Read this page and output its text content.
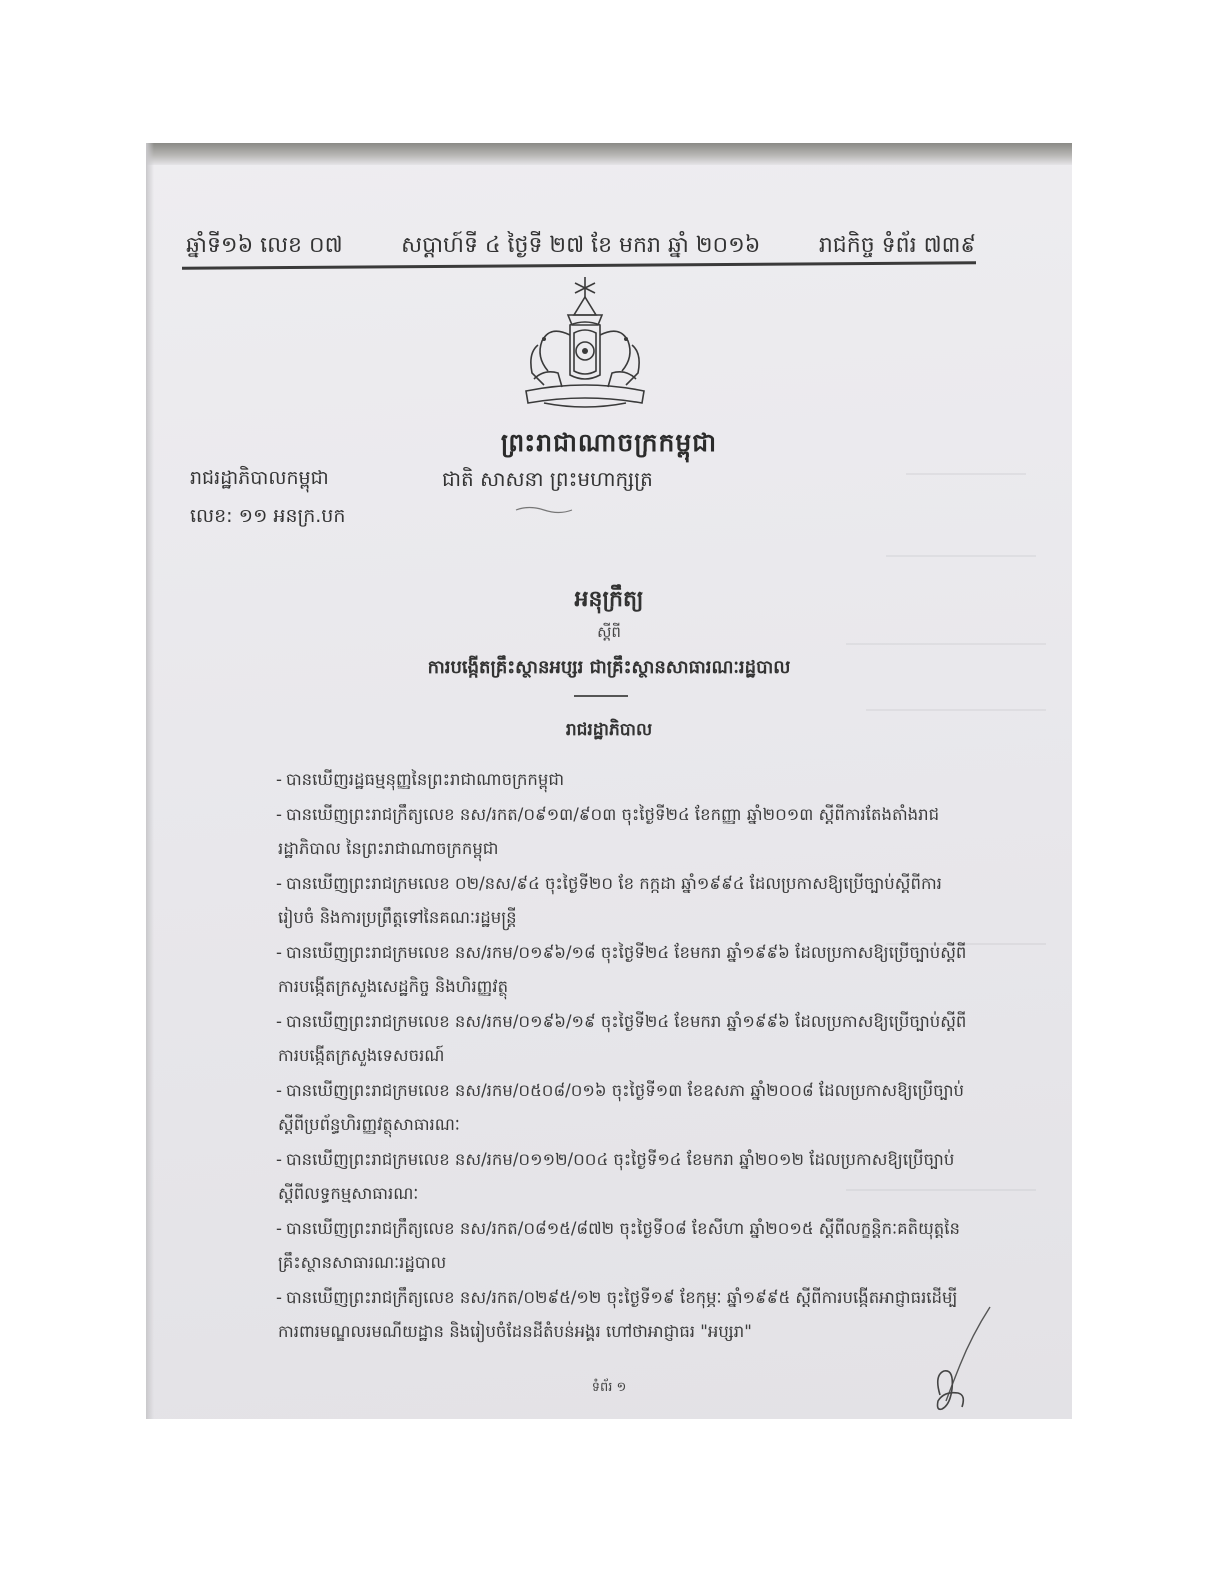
ឆ្នាំទី១៦ លេខ ០៧	សប្តាហ៍ទី ៤ ថ្ងៃទី ២៧ ខែ មករា ឆ្នាំ ២០១៦	រាជកិច្ច ទំព័រ ៧៣៩
ព្រះរាជាណាចក្រកម្ពុជា
រាជរដ្ឋាភិបាលកម្ពុជា
លេខ: ១១ អនក្រ.បក
ជាតិ សាសនា ព្រះមហាក្សត្រ
អនុក្រឹត្យ
ស្តីពី
ការបង្កើតគ្រឹះស្ថានអប្សរ ជាគ្រឹះស្ថានសាធារណៈរដ្ឋបាល
រាជរដ្ឋាភិបាល
- បានឃើញរដ្ឋធម្មនុញ្ញនៃព្រះរាជាណាចក្រកម្ពុជា
- បានឃើញព្រះរាជក្រឹត្យលេខ នស/រកត/០៩១៣/៩០៣ ចុះថ្ងៃទី២៤ ខែកញ្ញា ឆ្នាំ២០១៣ ស្តីពីការតែងតាំងរាជរដ្ឋាភិបាល នៃព្រះរាជាណាចក្រកម្ពុជា
- បានឃើញព្រះរាជក្រមលេខ ០២/នស/៩៤ ចុះថ្ងៃទី២០ ខែ កក្កដា ឆ្នាំ១៩៩៤ ដែលប្រកាសឱ្យប្រើច្បាប់ស្តីពីការរៀបចំ និងការប្រព្រឹត្តទៅនៃគណៈរដ្ឋមន្ត្រី
- បានឃើញព្រះរាជក្រមលេខ នស/រកម/០១៩៦/១៨ ចុះថ្ងៃទី២៤ ខែមករា ឆ្នាំ១៩៩៦ ដែលប្រកាសឱ្យប្រើច្បាប់ស្តីពីការបង្កើតក្រសួងសេដ្ឋកិច្ច និងហិរញ្ញវត្ថុ
- បានឃើញព្រះរាជក្រមលេខ នស/រកម/០១៩៦/១៩ ចុះថ្ងៃទី២៤ ខែមករា ឆ្នាំ១៩៩៦ ដែលប្រកាសឱ្យប្រើច្បាប់ស្តីពីការបង្កើតក្រសួងទេសចរណ៍
- បានឃើញព្រះរាជក្រមលេខ នស/រកម/០៥០៨/០១៦ ចុះថ្ងៃទី១៣ ខែឧសភា ឆ្នាំ២០០៨ ដែលប្រកាសឱ្យប្រើច្បាប់ស្តីពីប្រព័ន្ធហិរញ្ញវត្ថុសាធារណៈ
- បានឃើញព្រះរាជក្រមលេខ នស/រកម/០១១២/០០៤ ចុះថ្ងៃទី១៤ ខែមករា ឆ្នាំ២០១២ ដែលប្រកាសឱ្យប្រើច្បាប់ស្តីពីលទ្ធកម្មសាធារណៈ
- បានឃើញព្រះរាជក្រឹត្យលេខ នស/រកត/០៨១៥/៨៧២ ចុះថ្ងៃទី០៨ ខែសីហា ឆ្នាំ២០១៥ ស្តីពីលក្ខន្តិកៈគតិយុត្តនៃគ្រឹះស្ថានសាធារណៈរដ្ឋបាល
- បានឃើញព្រះរាជក្រឹត្យលេខ នស/រកត/០២៩៥/១២ ចុះថ្ងៃទី១៩ ខែកុម្ភៈ ឆ្នាំ១៩៩៥ ស្តីពីការបង្កើតអាជ្ញាធរដើម្បីការពារមណ្ឌលរមណីយដ្ឋាន និងរៀបចំដែនដីតំបន់អង្គរ ហៅថាអាជ្ញាធរ "អប្សរា"
ទំព័រ ១
